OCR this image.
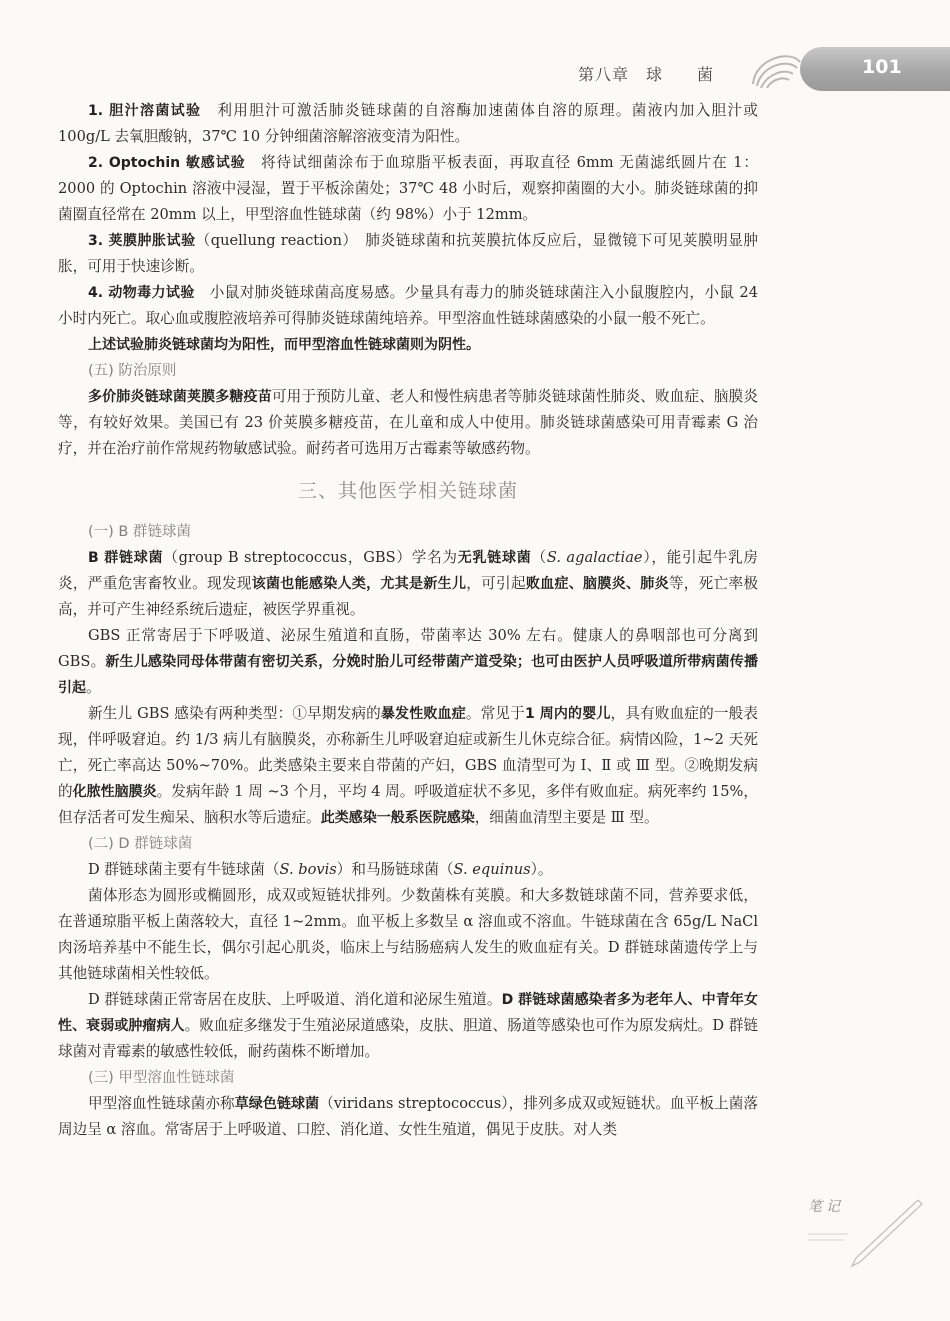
第八章　球　　菌	101

1. 胆汁溶菌试验　利用胆汁可激活肺炎链球菌的自溶酶加速菌体自溶的原理。菌液内加入胆汁或 100g/L 去氧胆酸钠，37℃ 10 分钟细菌溶解溶液变清为阳性。

2. Optochin 敏感试验　将待试细菌涂布于血琼脂平板表面，再取直径 6mm 无菌滤纸圆片在 1：2000 的 Optochin 溶液中浸湿，置于平板涂菌处；37℃ 48 小时后，观察抑菌圈的大小。肺炎链球菌的抑菌圈直径常在 20mm 以上，甲型溶血性链球菌（约 98%）小于 12mm。

3. 荚膜肿胀试验（quellung reaction）　肺炎链球菌和抗荚膜抗体反应后，显微镜下可见荚膜明显肿胀，可用于快速诊断。

4. 动物毒力试验　小鼠对肺炎链球菌高度易感。少量具有毒力的肺炎链球菌注入小鼠腹腔内，小鼠 24 小时内死亡。取心血或腹腔液培养可得肺炎链球菌纯培养。甲型溶血性链球菌感染的小鼠一般不死亡。

上述试验肺炎链球菌均为阳性，而甲型溶血性链球菌则为阴性。

(五) 防治原则

多价肺炎链球菌荚膜多糖疫苗可用于预防儿童、老人和慢性病患者等肺炎链球菌性肺炎、败血症、脑膜炎等，有较好效果。美国已有 23 价荚膜多糖疫苗，在儿童和成人中使用。肺炎链球菌感染可用青霉素 G 治疗，并在治疗前作常规药物敏感试验。耐药者可选用万古霉素等敏感药物。

三、其他医学相关链球菌
(一) B 群链球菌

B 群链球菌（group B streptococcus，GBS）学名为无乳链球菌（S. agalactiae），能引起牛乳房炎，严重危害畜牧业。现发现该菌也能感染人类，尤其是新生儿，可引起败血症、脑膜炎、肺炎等，死亡率极高，并可产生神经系统后遗症，被医学界重视。

GBS 正常寄居于下呼吸道、泌尿生殖道和直肠，带菌率达 30% 左右。健康人的鼻咽部也可分离到 GBS。新生儿感染同母体带菌有密切关系，分娩时胎儿可经带菌产道受染；也可由医护人员呼吸道所带病菌传播引起。

新生儿 GBS 感染有两种类型：①早期发病的暴发性败血症。常见于1 周内的婴儿，具有败血症的一般表现，伴呼吸窘迫。约 1/3 病儿有脑膜炎，亦称新生儿呼吸窘迫症或新生儿休克综合征。病情凶险，1~2 天死亡，死亡率高达 50%~70%。此类感染主要来自带菌的产妇，GBS 血清型可为 Ⅰ、Ⅱ 或 Ⅲ 型。②晚期发病的化脓性脑膜炎。发病年龄 1 周 ~3 个月，平均 4 周。呼吸道症状不多见，多伴有败血症。病死率约 15%，但存活者可发生痴呆、脑积水等后遗症。此类感染一般系医院感染，细菌血清型主要是 Ⅲ 型。

(二) D 群链球菌

D 群链球菌主要有牛链球菌（S. bovis）和马肠链球菌（S. equinus）。

菌体形态为圆形或椭圆形，成双或短链状排列。少数菌株有荚膜。和大多数链球菌不同，营养要求低，在普通琼脂平板上菌落较大，直径 1~2mm。血平板上多数呈 α 溶血或不溶血。牛链球菌在含 65g/L NaCl 肉汤培养基中不能生长，偶尔引起心肌炎，临床上与结肠癌病人发生的败血症有关。D 群链球菌遗传学上与其他链球菌相关性较低。

D 群链球菌正常寄居在皮肤、上呼吸道、消化道和泌尿生殖道。D 群链球菌感染者多为老年人、中青年女性、衰弱或肿瘤病人。败血症多继发于生殖泌尿道感染，皮肤、胆道、肠道等感染也可作为原发病灶。D 群链球菌对青霉素的敏感性较低，耐药菌株不断增加。

(三) 甲型溶血性链球菌

甲型溶血性链球菌亦称草绿色链球菌（viridans streptococcus），排列多成双或短链状。血平板上菌落周边呈 α 溶血。常寄居于上呼吸道、口腔、消化道、女性生殖道，偶见于皮肤。对人类

笔记
